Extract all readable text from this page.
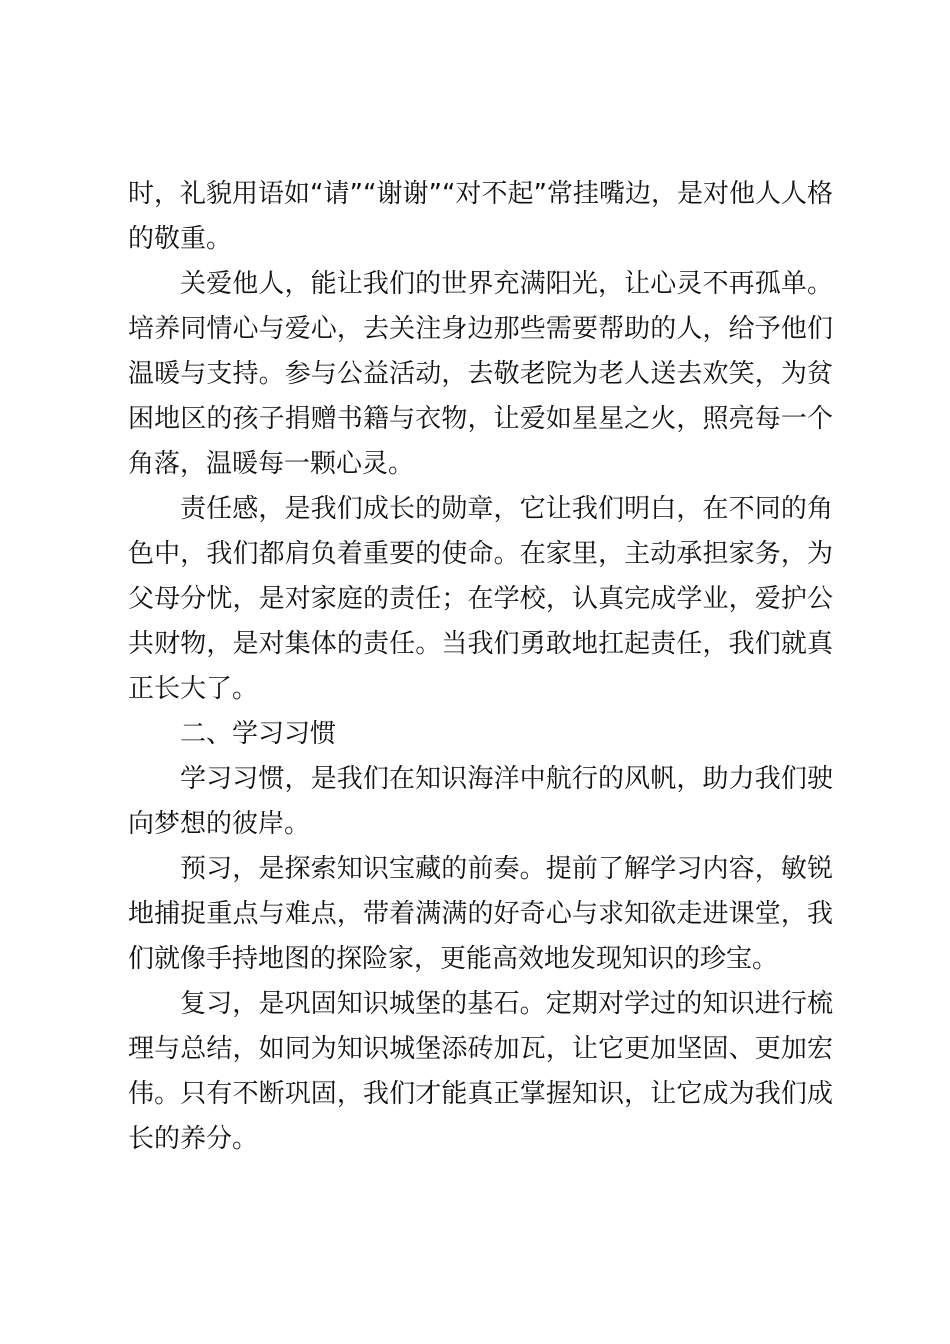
时，礼貌用语如“请”“谢谢”“对不起”常挂嘴边，是对他人人格的敬重。

关爱他人，能让我们的世界充满阳光，让心灵不再孤单。培养同情心与爱心，去关注身边那些需要帮助的人，给予他们温暖与支持。参与公益活动，去敬老院为老人送去欢笑，为贫困地区的孩子捐赠书籍与衣物，让爱如星星之火，照亮每一个角落，温暖每一颗心灵。

责任感，是我们成长的勋章，它让我们明白，在不同的角色中，我们都肩负着重要的使命。在家里，主动承担家务，为父母分忧，是对家庭的责任；在学校，认真完成学业，爱护公共财物，是对集体的责任。当我们勇敢地扛起责任，我们就真正长大了。

二、学习习惯

学习习惯，是我们在知识海洋中航行的风帆，助力我们驶向梦想的彼岸。

预习，是探索知识宝藏的前奏。提前了解学习内容，敏锐地捕捉重点与难点，带着满满的好奇心与求知欲走进课堂，我们就像手持地图的探险家，更能高效地发现知识的珍宝。

复习，是巩固知识城堡的基石。定期对学过的知识进行梳理与总结，如同为知识城堡添砖加瓦，让它更加坚固、更加宏伟。只有不断巩固，我们才能真正掌握知识，让它成为我们成长的养分。
